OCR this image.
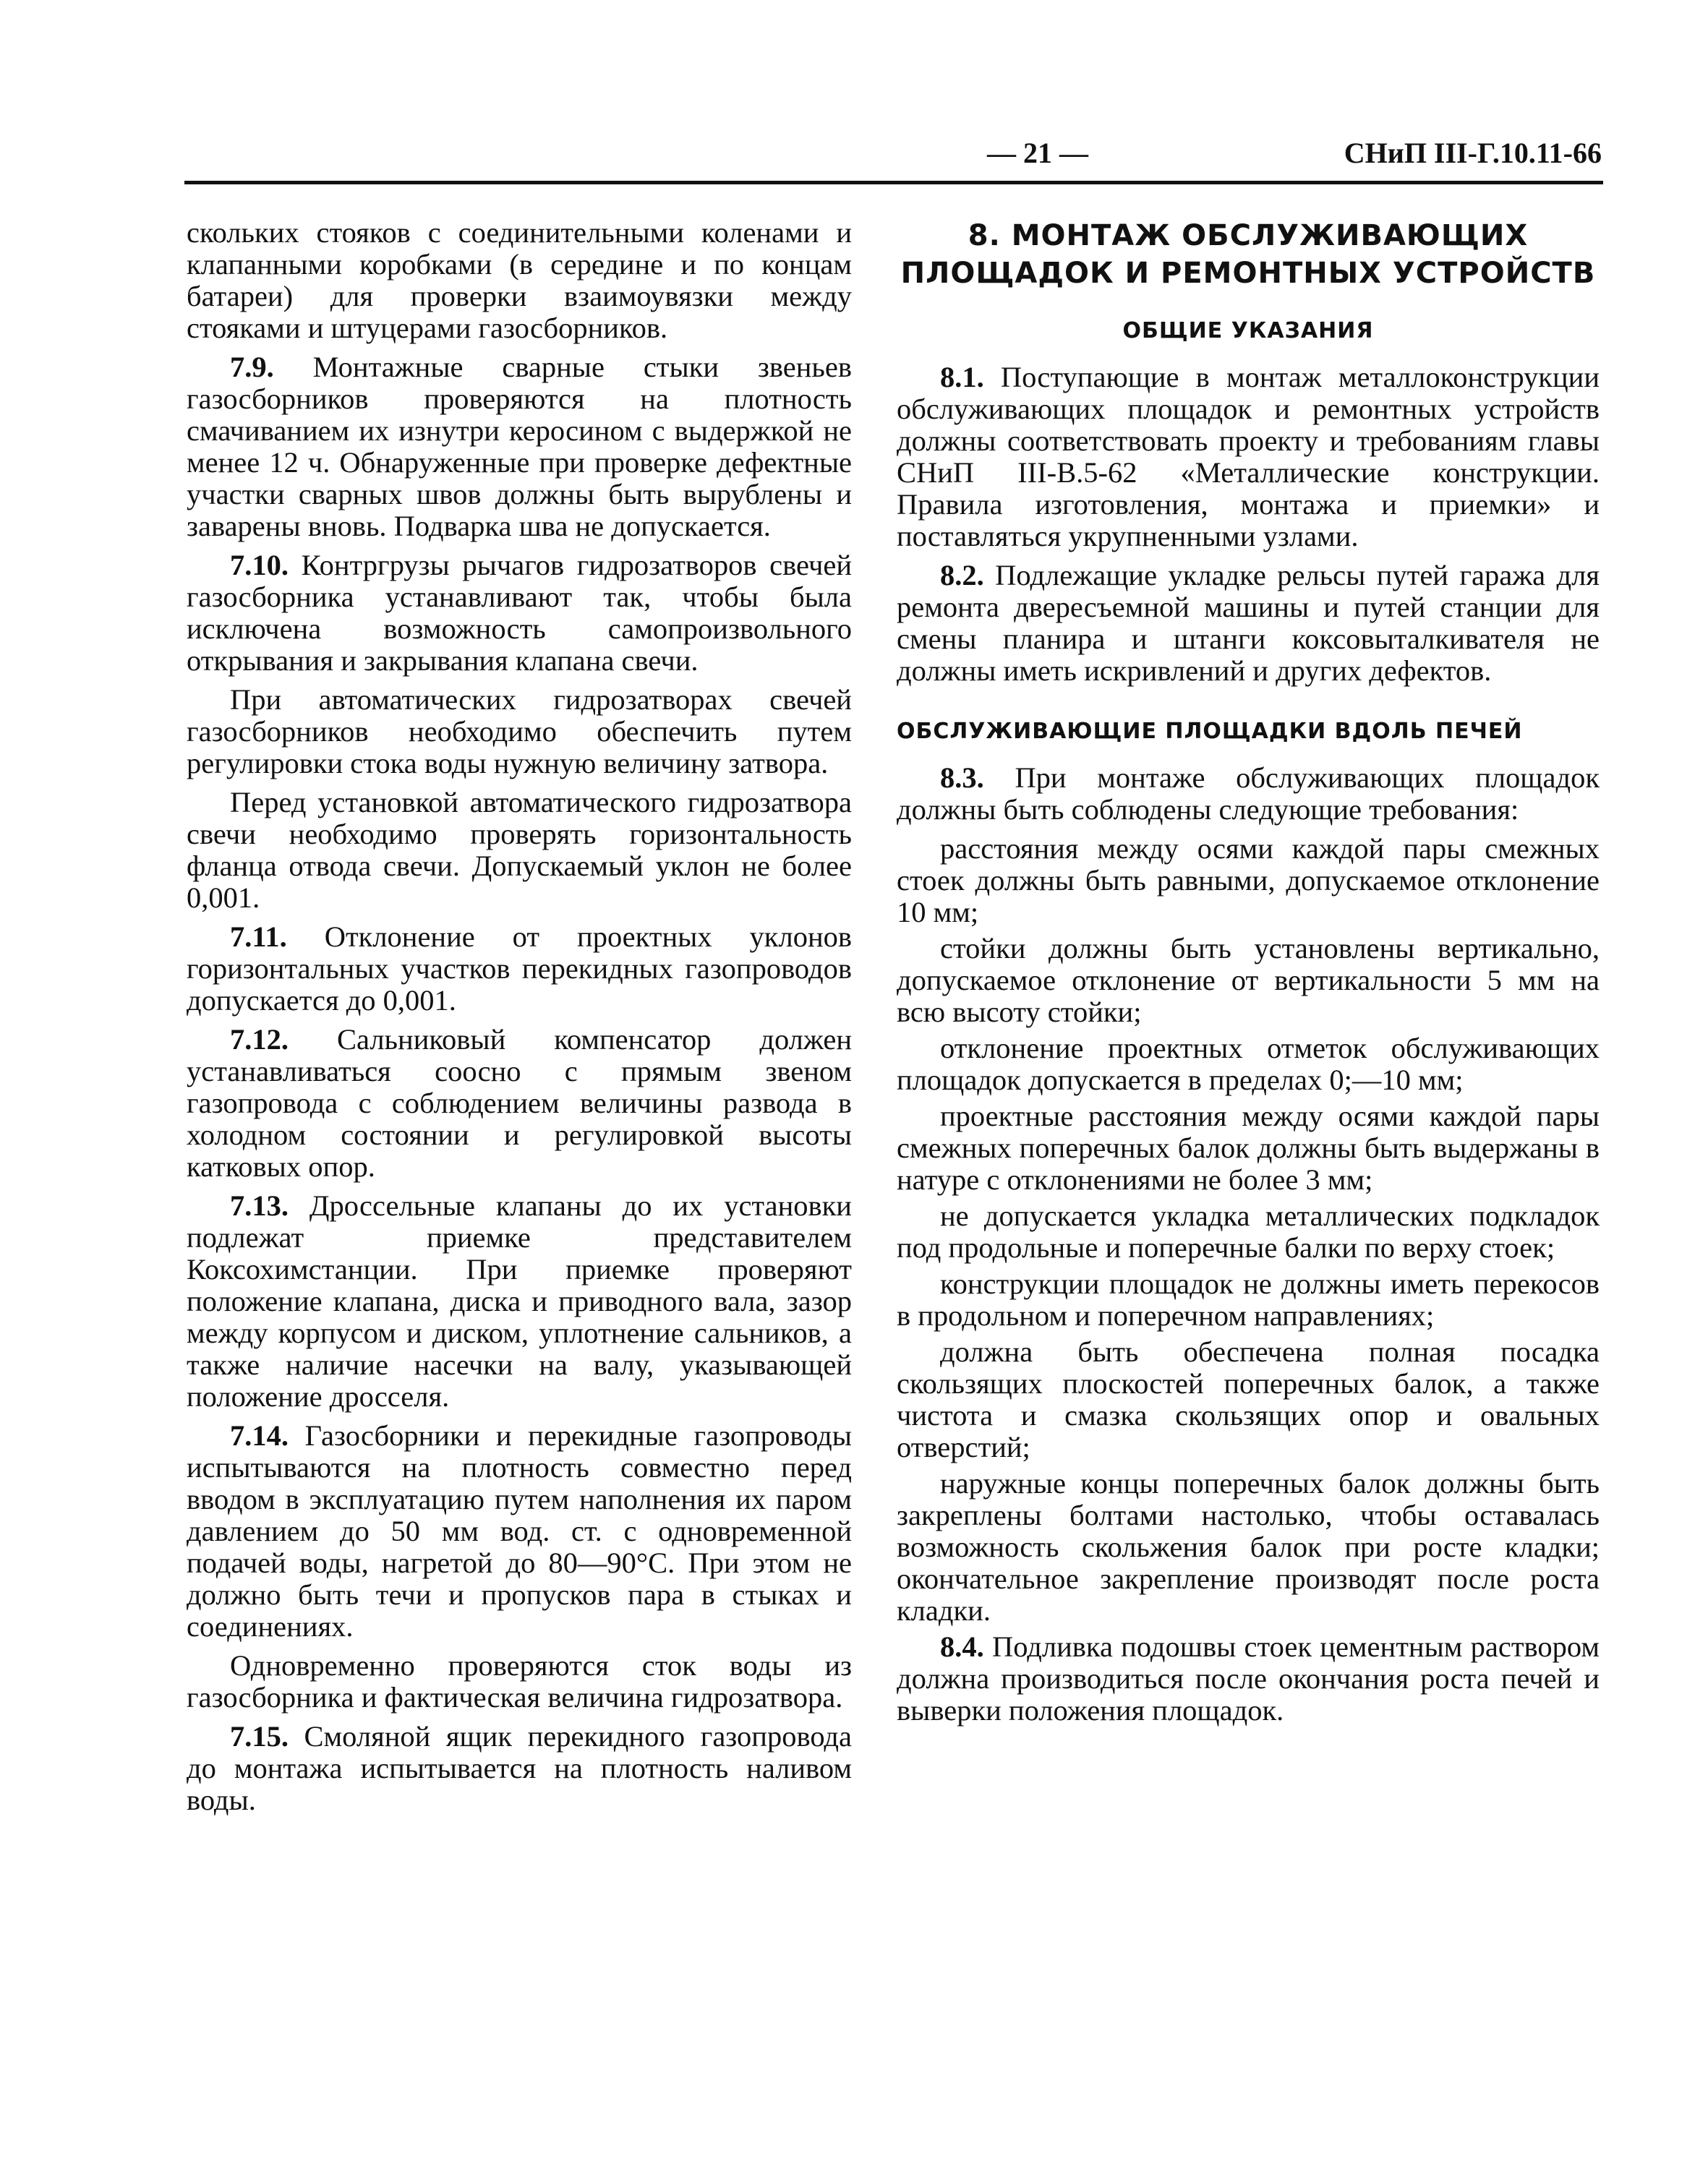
— 21 —	СНиП III-Г.10.11-66

скольких стояков с соединительными коленами и клапанными коробками (в середине и по концам батареи) для проверки взаимоувязки между стояками и штуцерами газосборников.

7.9. Монтажные сварные стыки звеньев газосборников проверяются на плотность смачиванием их изнутри керосином с выдержкой не менее 12 ч. Обнаруженные при проверке дефектные участки сварных швов должны быть вырублены и заварены вновь. Подварка шва не допускается.

7.10. Контргрузы рычагов гидрозатворов свечей газосборника устанавливают так, чтобы была исключена возможность самопроизвольного открывания и закрывания клапана свечи.

При автоматических гидрозатворах свечей газосборников необходимо обеспечить путем регулировки стока воды нужную величину затвора.

Перед установкой автоматического гидрозатвора свечи необходимо проверять горизонтальность фланца отвода свечи. Допускаемый уклон не более 0,001.

7.11. Отклонение от проектных уклонов горизонтальных участков перекидных газопроводов допускается до 0,001.

7.12. Сальниковый компенсатор должен устанавливаться соосно с прямым звеном газопровода с соблюдением величины развода в холодном состоянии и регулировкой высоты катковых опор.

7.13. Дроссельные клапаны до их установки подлежат приемке представителем Коксохимстанции. При приемке проверяют положение клапана, диска и приводного вала, зазор между корпусом и диском, уплотнение сальников, а также наличие насечки на валу, указывающей положение дросселя.

7.14. Газосборники и перекидные газопроводы испытываются на плотность совместно перед вводом в эксплуатацию путем наполнения их паром давлением до 50 мм вод. ст. с одновременной подачей воды, нагретой до 80—90°С. При этом не должно быть течи и пропусков пара в стыках и соединениях.

Одновременно проверяются сток воды из газосборника и фактическая величина гидрозатвора.

7.15. Смоляной ящик перекидного газопровода до монтажа испытывается на плотность наливом воды.

8. МОНТАЖ ОБСЛУЖИВАЮЩИХ ПЛОЩАДОК И РЕМОНТНЫХ УСТРОЙСТВ
ОБЩИЕ УКАЗАНИЯ

8.1. Поступающие в монтаж металлоконструкции обслуживающих площадок и ремонтных устройств должны соответствовать проекту и требованиям главы СНиП III-В.5-62 «Металлические конструкции. Правила изготовления, монтажа и приемки» и поставляться укрупненными узлами.

8.2. Подлежащие укладке рельсы путей гаража для ремонта двересъемной машины и путей станции для смены планира и штанги коксовыталкивателя не должны иметь искривлений и других дефектов.

ОБСЛУЖИВАЮЩИЕ ПЛОЩАДКИ ВДОЛЬ ПЕЧЕЙ

8.3. При монтаже обслуживающих площадок должны быть соблюдены следующие требования:

расстояния между осями каждой пары смежных стоек должны быть равными, допускаемое отклонение 10 мм;

стойки должны быть установлены вертикально, допускаемое отклонение от вертикальности 5 мм на всю высоту стойки;

отклонение проектных отметок обслуживающих площадок допускается в пределах 0;—10 мм;

проектные расстояния между осями каждой пары смежных поперечных балок должны быть выдержаны в натуре с отклонениями не более 3 мм;

не допускается укладка металлических подкладок под продольные и поперечные балки по верху стоек;

конструкции площадок не должны иметь перекосов в продольном и поперечном направлениях;

должна быть обеспечена полная посадка скользящих плоскостей поперечных балок, а также чистота и смазка скользящих опор и овальных отверстий;

наружные концы поперечных балок должны быть закреплены болтами настолько, чтобы оставалась возможность скольжения балок при росте кладки; окончательное закрепление производят после роста кладки.

8.4. Подливка подошвы стоек цементным раствором должна производиться после окончания роста печей и выверки положения площадок.
